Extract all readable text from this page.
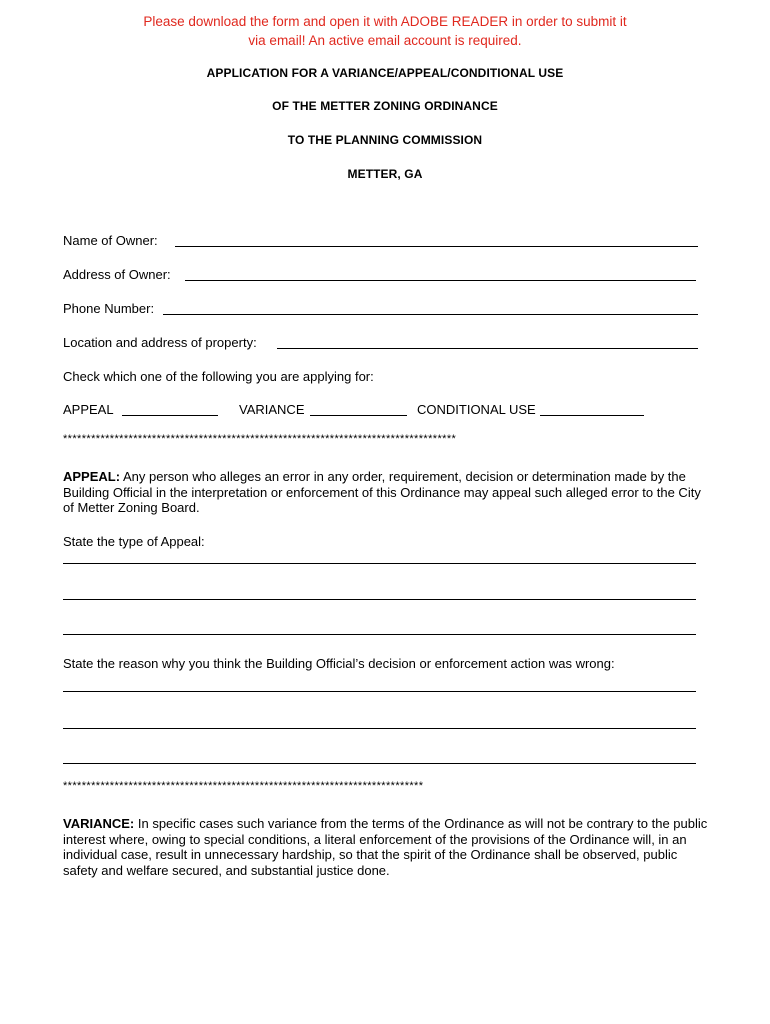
Please download the form and open it with ADOBE READER in order to submit it
via email! An active email account is required.
APPLICATION FOR A VARIANCE/APPEAL/CONDITIONAL USE
OF THE METTER ZONING ORDINANCE
TO THE PLANNING COMMISSION
METTER, GA
Name of Owner:
Address of Owner:
Phone Number:
Location and address of property:
Check which one of the following you are applying for:
APPEAL	VARIANCE	CONDITIONAL USE
************************************************************************************
APPEAL: Any person who alleges an error in any order, requirement, decision or determination made by the Building Official in the interpretation or enforcement of this Ordinance may appeal such alleged error to the City of Metter Zoning Board.
State the type of Appeal:
State the reason why you think the Building Official’s decision or enforcement action was wrong:
*****************************************************************************
VARIANCE: In specific cases such variance from the terms of the Ordinance as will not be contrary to the public interest where, owing to special conditions, a literal enforcement of the provisions of the Ordinance will, in an individual case, result in unnecessary hardship, so that the spirit of the Ordinance shall be observed, public safety and welfare secured, and substantial justice done.
